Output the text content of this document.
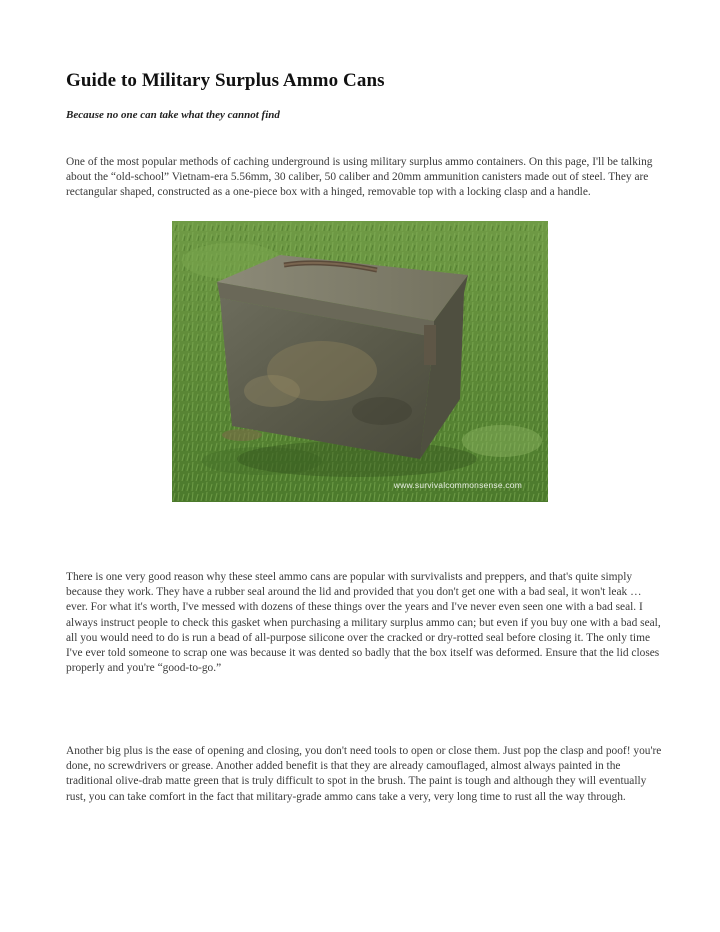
Guide to Military Surplus Ammo Cans

Because no one can take what they cannot find

One of the most popular methods of caching underground is using military surplus ammo containers. On this page, I'll be talking about the “old-school” Vietnam-era 5.56mm, 30 caliber, 50 caliber and 20mm ammunition canisters made out of steel. They are rectangular shaped, constructed as a one-piece box with a hinged, removable top with a locking clasp and a handle.

www.survivalcommonsense.com

There is one very good reason why these steel ammo cans are popular with survivalists and preppers, and that's quite simply because they work. They have a rubber seal around the lid and provided that you don't get one with a bad seal, it won't leak … ever. For what it's worth, I've messed with dozens of these things over the years and I've never even seen one with a bad seal. I always instruct people to check this gasket when purchasing a military surplus ammo can; but even if you buy one with a bad seal, all you would need to do is run a bead of all-purpose silicone over the cracked or dry-rotted seal before closing it. The only time I've ever told someone to scrap one was because it was dented so badly that the box itself was deformed. Ensure that the lid closes properly and you're “good-to-go.”

Another big plus is the ease of opening and closing, you don't need tools to open or close them. Just pop the clasp and poof! you're done, no screwdrivers or grease. Another added benefit is that they are already camouflaged, almost always painted in the traditional olive-drab matte green that is truly difficult to spot in the brush. The paint is tough and although they will eventually rust, you can take comfort in the fact that military-grade ammo cans take a very, very long time to rust all the way through.
